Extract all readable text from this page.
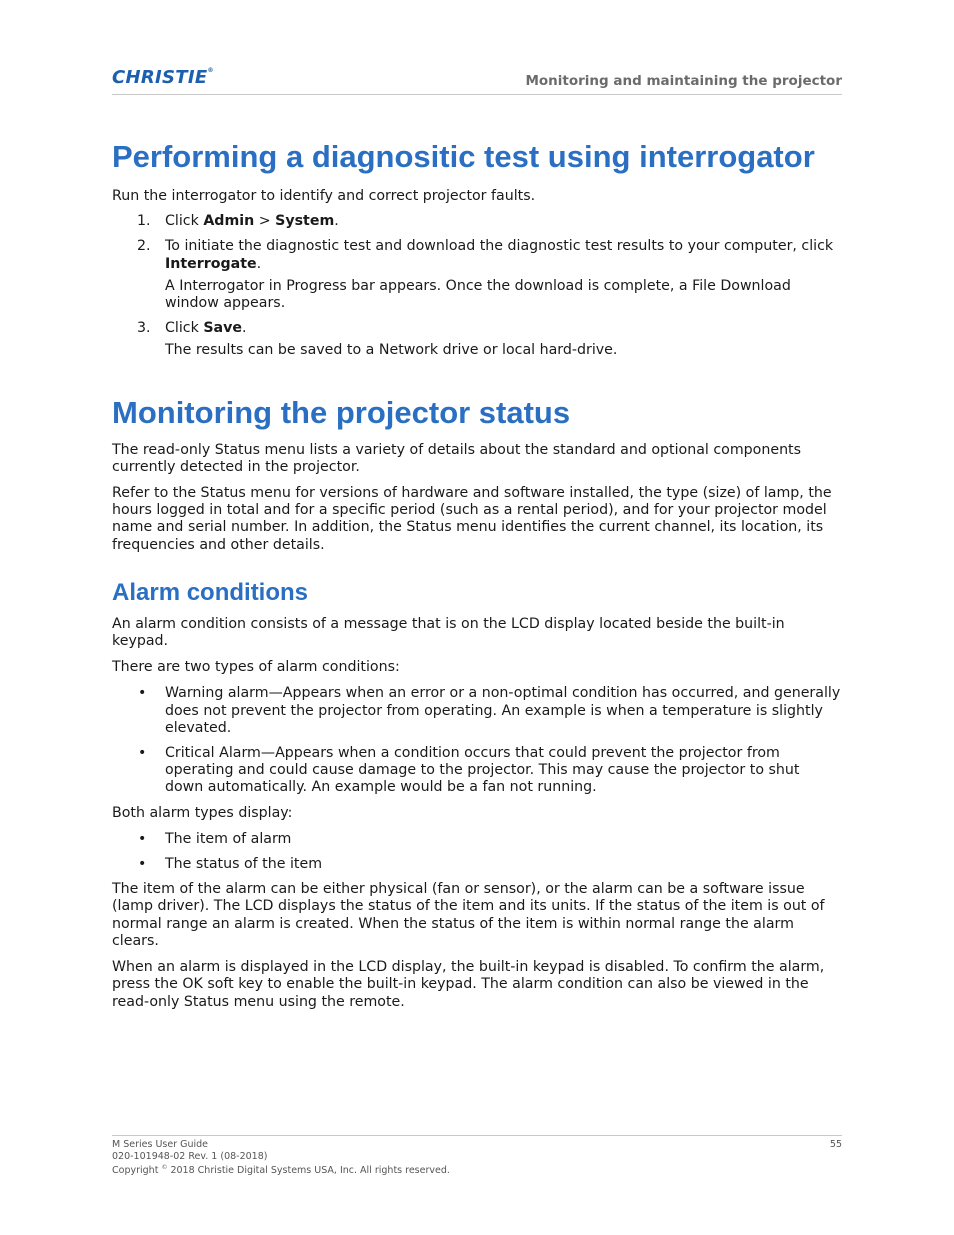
CHRISTIE®
Monitoring and maintaining the projector
Performing a diagnositic test using interrogator

Run the interrogator to identify and correct projector faults.

1. Click Admin > System.
2. To initiate the diagnostic test and download the diagnostic test results to your computer, click Interrogate.
A Interrogator in Progress bar appears. Once the download is complete, a File Download window appears.
3. Click Save.
The results can be saved to a Network drive or local hard-drive.
Monitoring the projector status

The read-only Status menu lists a variety of details about the standard and optional components currently detected in the projector.

Refer to the Status menu for versions of hardware and software installed, the type (size) of lamp, the hours logged in total and for a specific period (such as a rental period), and for your projector model name and serial number. In addition, the Status menu identifies the current channel, its location, its frequencies and other details.

Alarm conditions

An alarm condition consists of a message that is on the LCD display located beside the built-in keypad.

There are two types of alarm conditions:

• Warning alarm—Appears when an error or a non-optimal condition has occurred, and generally does not prevent the projector from operating. An example is when a temperature is slightly elevated.
• Critical Alarm—Appears when a condition occurs that could prevent the projector from operating and could cause damage to the projector. This may cause the projector to shut down automatically. An example would be a fan not running.

Both alarm types display:

• The item of alarm
• The status of the item

The item of the alarm can be either physical (fan or sensor), or the alarm can be a software issue (lamp driver). The LCD displays the status of the item and its units. If the status of the item is out of normal range an alarm is created. When the status of the item is within normal range the alarm clears.

When an alarm is displayed in the LCD display, the built-in keypad is disabled. To confirm the alarm, press the OK soft key to enable the built-in keypad. The alarm condition can also be viewed in the read-only Status menu using the remote.

M Series User Guide
020-101948-02 Rev. 1 (08-2018)
Copyright © 2018 Christie Digital Systems USA, Inc. All rights reserved.
55
